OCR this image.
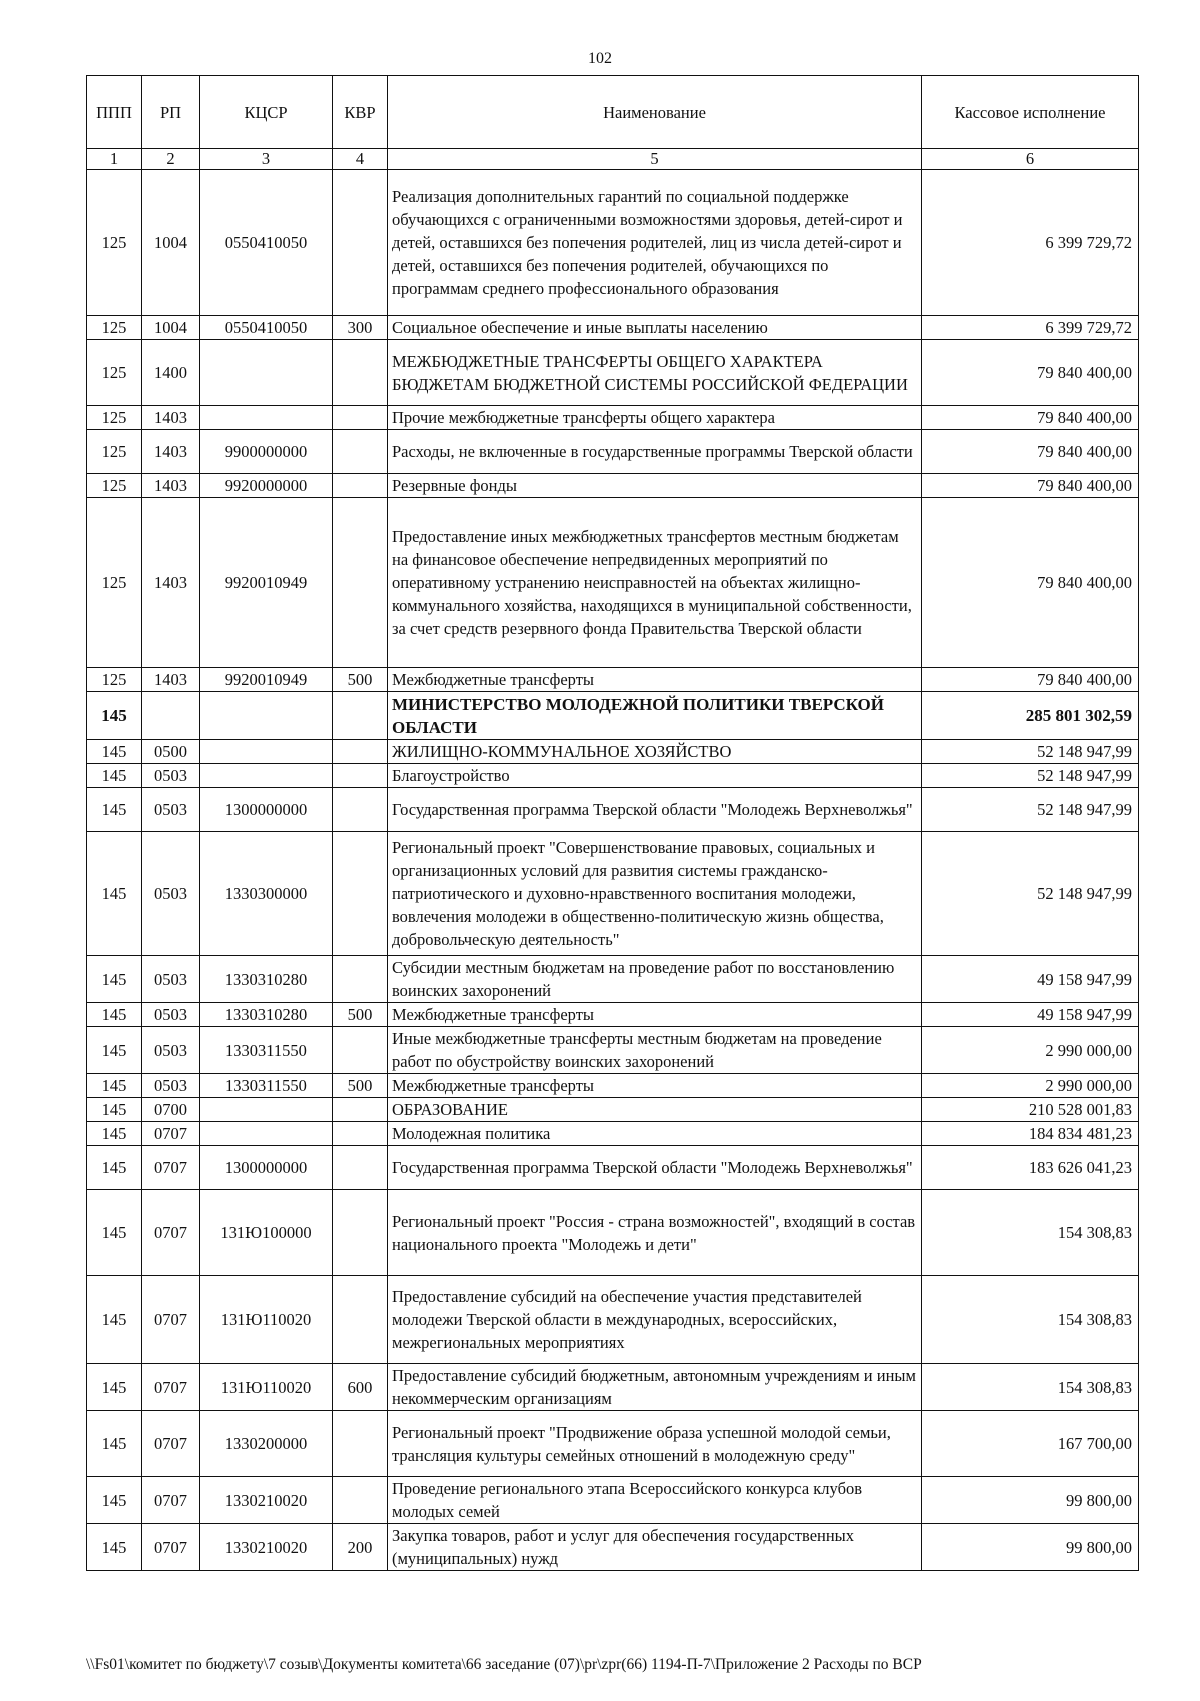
102
ППП	РП	КЦСР	КВР	Наименование	Кассовое исполнение
1	2	3	4	5	6
125	1004	0550410050		Реализация дополнительных гарантий по социальной поддержке обучающихся с ограниченными возможностями здоровья, детей-сирот и детей, оставшихся без попечения родителей, лиц из числа детей-сирот и детей, оставшихся без попечения родителей, обучающихся по программам среднего профессионального образования	6 399 729,72
125	1004	0550410050	300	Социальное обеспечение и иные выплаты населению	6 399 729,72
125	1400			МЕЖБЮДЖЕТНЫЕ ТРАНСФЕРТЫ ОБЩЕГО ХАРАКТЕРА БЮДЖЕТАМ БЮДЖЕТНОЙ СИСТЕМЫ РОССИЙСКОЙ ФЕДЕРАЦИИ	79 840 400,00
125	1403			Прочие межбюджетные трансферты общего характера	79 840 400,00
125	1403	9900000000		Расходы, не включенные в государственные программы Тверской области	79 840 400,00
125	1403	9920000000		Резервные фонды	79 840 400,00
125	1403	9920010949		Предоставление иных межбюджетных трансфертов местным бюджетам на финансовое обеспечение непредвиденных мероприятий по оперативному устранению неисправностей на объектах жилищно-коммунального хозяйства, находящихся в муниципальной собственности, за счет средств резервного фонда Правительства Тверской области	79 840 400,00
125	1403	9920010949	500	Межбюджетные трансферты	79 840 400,00
145				МИНИСТЕРСТВО МОЛОДЕЖНОЙ ПОЛИТИКИ ТВЕРСКОЙ ОБЛАСТИ	285 801 302,59
145	0500			ЖИЛИЩНО-КОММУНАЛЬНОЕ ХОЗЯЙСТВО	52 148 947,99
145	0503			Благоустройство	52 148 947,99
145	0503	1300000000		Государственная программа Тверской области "Молодежь Верхневолжья"	52 148 947,99
145	0503	1330300000		Региональный проект "Совершенствование правовых, социальных и организационных условий для развития системы гражданско-патриотического и духовно-нравственного воспитания молодежи, вовлечения молодежи в общественно-политическую жизнь общества, добровольческую деятельность"	52 148 947,99
145	0503	1330310280		Субсидии местным бюджетам на проведение работ по восстановлению воинских захоронений	49 158 947,99
145	0503	1330310280	500	Межбюджетные трансферты	49 158 947,99
145	0503	1330311550		Иные межбюджетные трансферты местным бюджетам на проведение работ по обустройству воинских захоронений	2 990 000,00
145	0503	1330311550	500	Межбюджетные трансферты	2 990 000,00
145	0700			ОБРАЗОВАНИЕ	210 528 001,83
145	0707			Молодежная политика	184 834 481,23
145	0707	1300000000		Государственная программа Тверской области "Молодежь Верхневолжья"	183 626 041,23
145	0707	131Ю100000		Региональный проект "Россия - страна возможностей", входящий в состав национального проекта "Молодежь и дети"	154 308,83
145	0707	131Ю110020		Предоставление субсидий на обеспечение участия представителей молодежи Тверской области в международных, всероссийских, межрегиональных мероприятиях	154 308,83
145	0707	131Ю110020	600	Предоставление субсидий бюджетным, автономным учреждениям и иным некоммерческим организациям	154 308,83
145	0707	1330200000		Региональный проект "Продвижение образа успешной молодой семьи, трансляция культуры семейных отношений в молодежную среду"	167 700,00
145	0707	1330210020		Проведение регионального этапа Всероссийского конкурса клубов молодых семей	99 800,00
145	0707	1330210020	200	Закупка товаров, работ и услуг для обеспечения государственных (муниципальных) нужд	99 800,00
\\Fs01\комитет по бюджету\7 созыв\Документы комитета\66 заседание (07)\pr\zpr(66) 1194-П-7\Приложение 2 Расходы по ВСР
